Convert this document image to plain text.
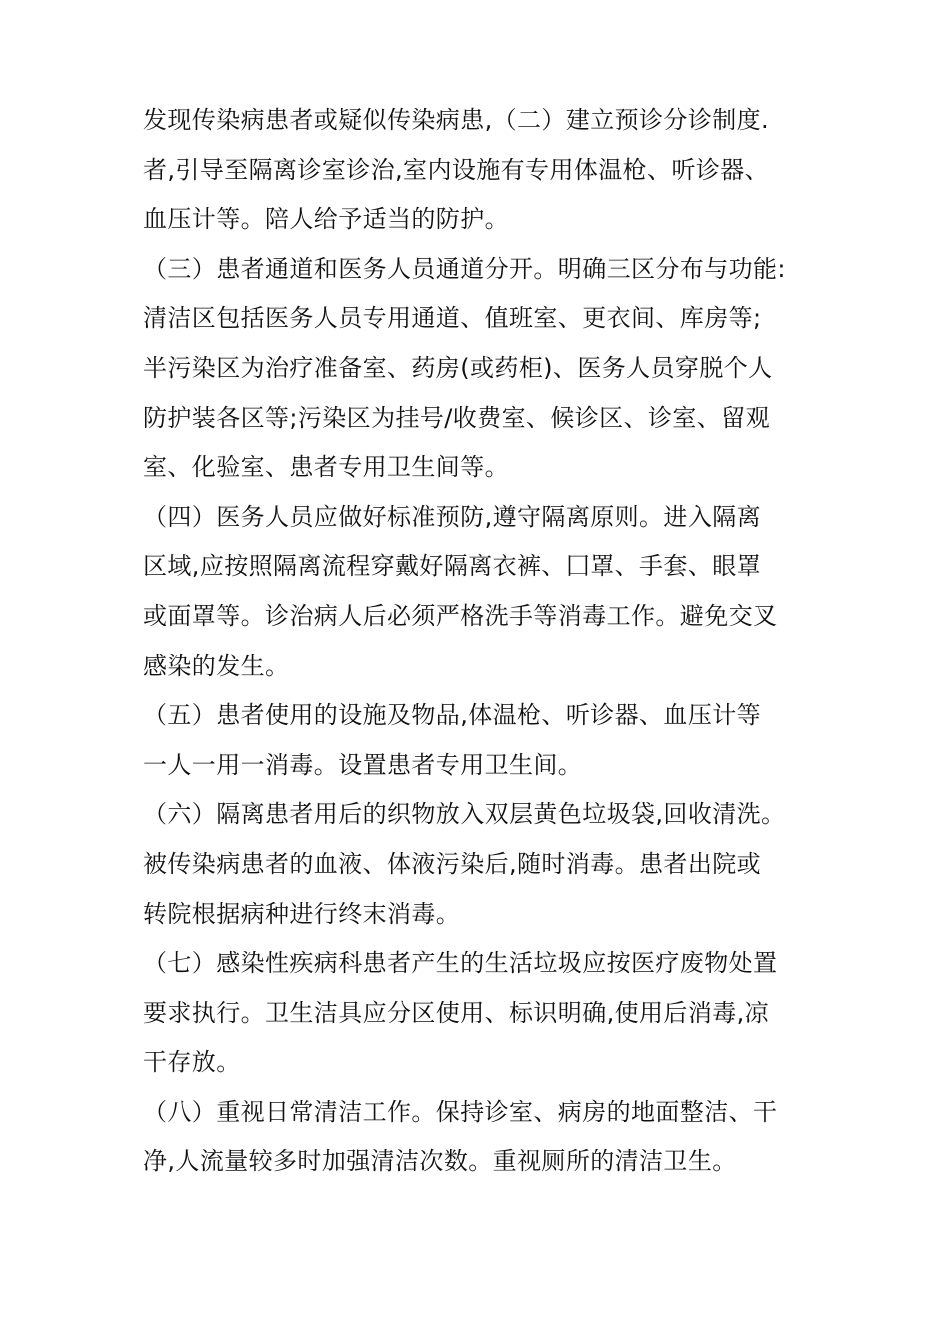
发现传染病患者或疑似传染病患,（二）建立预诊分诊制度.
者,引导至隔离诊室诊治,室内设施有专用体温枪、听诊器、
血压计等。陪人给予适当的防护。
（三）患者通道和医务人员通道分开。明确三区分布与功能:
清洁区包括医务人员专用通道、值班室、更衣间、库房等;
半污染区为治疗准备室、药房(或药柜)、医务人员穿脱个人
防护装各区等;污染区为挂号/收费室、候诊区、诊室、留观
室、化验室、患者专用卫生间等。
（四）医务人员应做好标准预防,遵守隔离原则。进入隔离
区域,应按照隔离流程穿戴好隔离衣裤、囗罩、手套、眼罩
或面罩等。诊治病人后必须严格洗手等消毒工作。避免交叉
感染的发生。
（五）患者使用的设施及物品,体温枪、听诊器、血压计等
一人一用一消毒。设置患者专用卫生间。
（六）隔离患者用后的织物放入双层黄色垃圾袋,回收清洗。
被传染病患者的血液、体液污染后,随时消毒。患者出院或
转院根据病种进行终末消毒。
（七）感染性疾病科患者产生的生活垃圾应按医疗废物处置
要求执行。卫生洁具应分区使用、标识明确,使用后消毒,凉
干存放。
（八）重视日常清洁工作。保持诊室、病房的地面整洁、干
净,人流量较多时加强清洁次数。重视厕所的清洁卫生。
